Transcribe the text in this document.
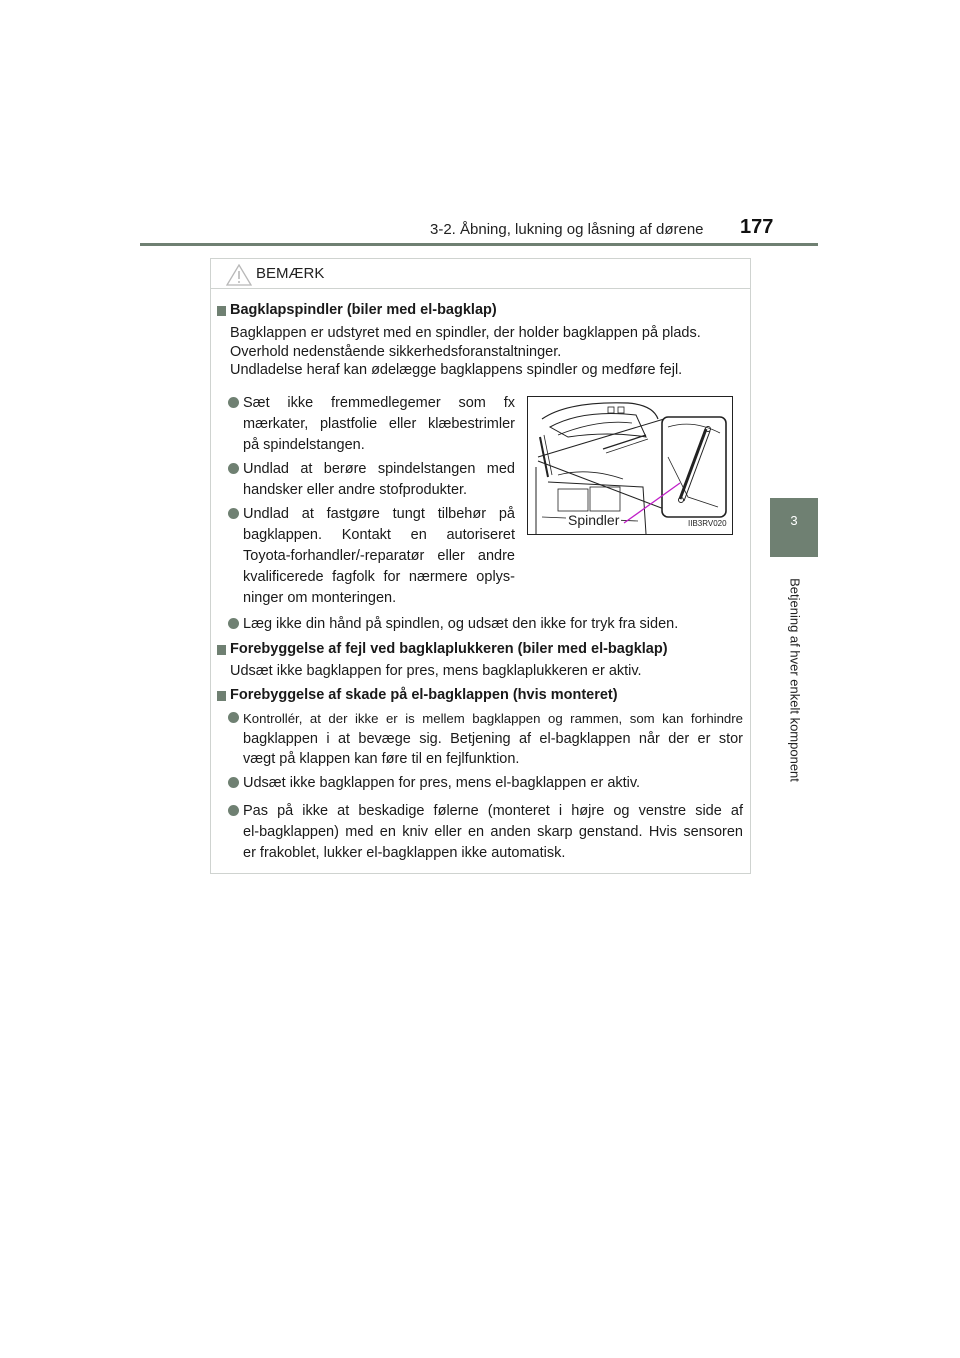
3-2. Åbning, lukning og låsning af dørene 177
3
Betjening af hver enkelt komponent
BEMÆRK
Bagklapspindler (biler med el-bagklap)
Bagklappen er udstyret med en spindler, der holder bagklappen på plads.
Overhold nedenstående sikkerhedsforanstaltninger.
Undladelse heraf kan ødelægge bagklappens spindler og medføre fejl.
Sæt ikke fremmedlegemer som fx
mærkater, plastfolie eller klæbestrimler
på spindelstangen.
Undlad at berøre spindelstangen med
handsker eller andre stofprodukter.
Undlad at fastgøre tungt tilbehør på
bagklappen. Kontakt en autoriseret
Toyota-forhandler/-reparatør eller andre
kvalificerede fagfolk for nærmere oplys-
ninger om monteringen.
Læg ikke din hånd på spindlen, og udsæt den ikke for tryk fra siden.
Forebyggelse af fejl ved bagklaplukkeren (biler med el-bagklap)
Udsæt ikke bagklappen for pres, mens bagklaplukkeren er aktiv.
Forebyggelse af skade på el-bagklappen (hvis monteret)
Kontrollér, at der ikke er is mellem bagklappen og rammen, som kan forhindre
bagklappen i at bevæge sig. Betjening af el-bagklappen når der er stor
vægt på klappen kan føre til en fejlfunktion.
Udsæt ikke bagklappen for pres, mens el-bagklappen er aktiv.
Pas på ikke at beskadige følerne (monteret i højre og venstre side af
el-bagklappen) med en kniv eller en anden skarp genstand. Hvis sensoren
er frakoblet, lukker el-bagklappen ikke automatisk.
Spindler	IIB3RV020
